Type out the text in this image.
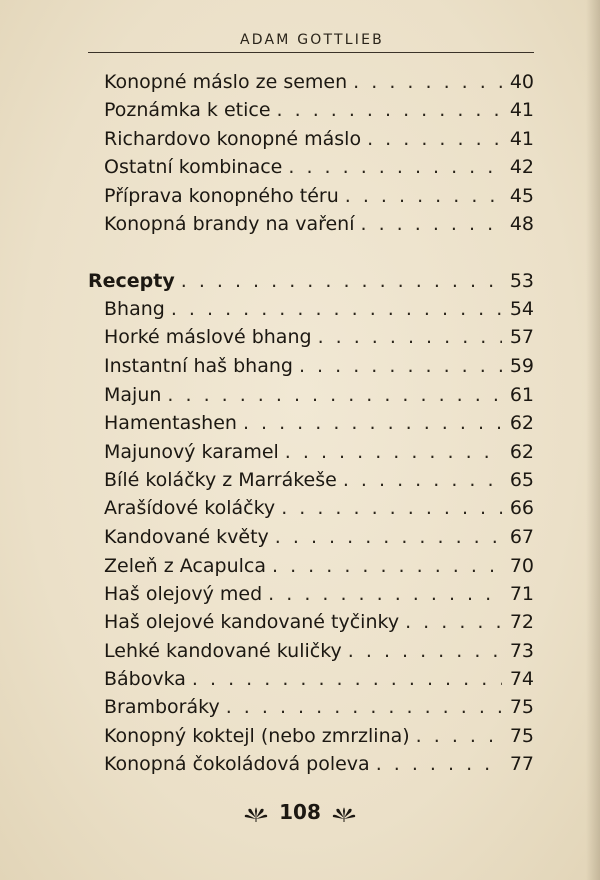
ADAM GOTTLIEB
Konopné máslo ze semen . . .	40
Poznámka k etice . . .	41
Richardovo konopné máslo . . .	41
Ostatní kombinace . . .	42
Příprava konopného téru . . .	45
Konopná brandy na vaření . . .	48
Recepty . . .	53
Bhang . . .	54
Horké máslové bhang . . .	57
Instantní haš bhang . . .	59
Majun . . .	61
Hamentashen . . .	62
Majunový karamel . . .	62
Bílé koláčky z Marrákeše . . .	65
Arašídové koláčky . . .	66
Kandované květy . . .	67
Zeleň z Acapulca . . .	70
Haš olejový med . . .	71
Haš olejové kandované tyčinky . . .	72
Lehké kandované kuličky . . .	73
Bábovka . . .	74
Bramboráky . . .	75
Konopný koktejl (nebo zmrzlina) . . .	75
Konopná čokoládová poleva . . .	77
108
